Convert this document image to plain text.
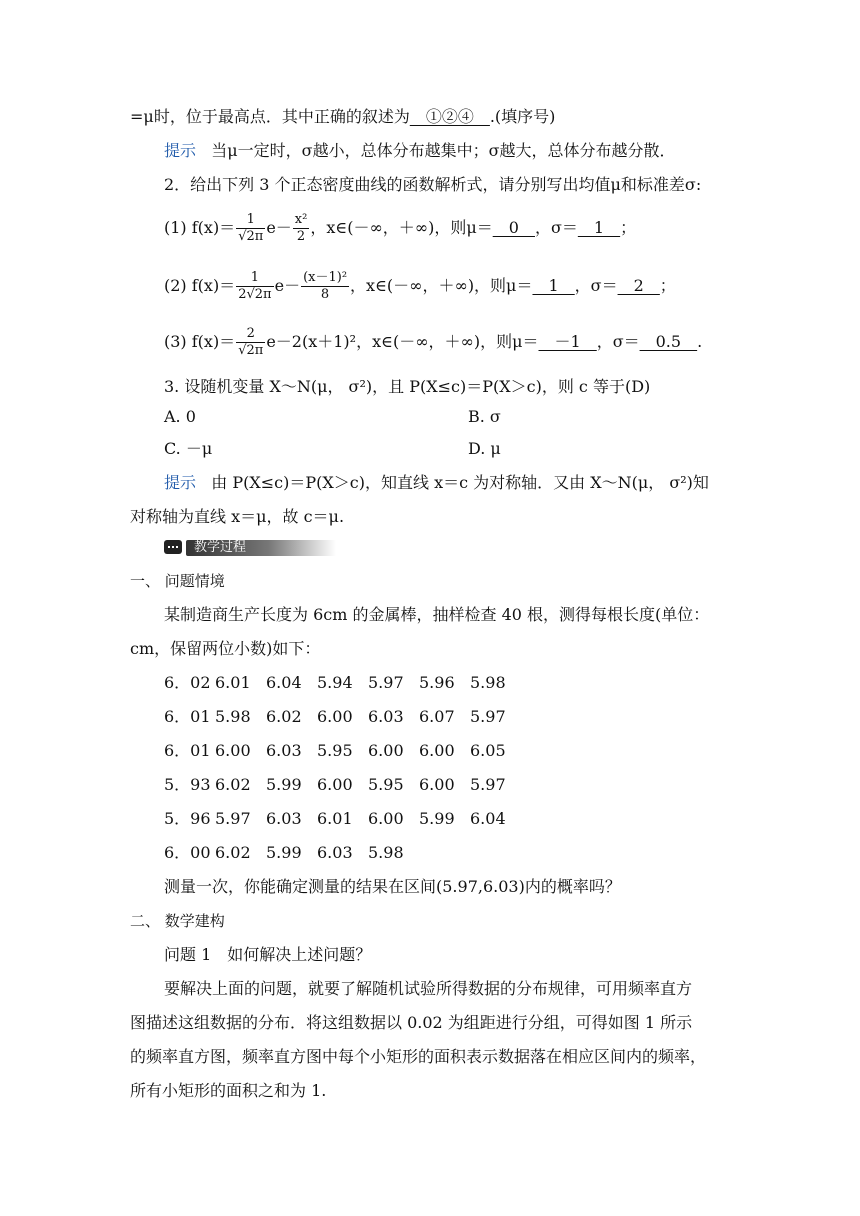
=μ时，位于最高点．其中正确的叙述为__①②④__.(填序号)
提示 当μ一定时，σ越小，总体分布越集中；σ越大，总体分布越分散．
2．给出下列 3 个正态密度曲线的函数解析式，请分别写出均值μ和标准差σ:
(1) $f(x)= \frac{1}{√2\pi} e- \frac{\text{x²}}{2}$ ，x∈(－∞，＋∞)，则μ＝__0__，σ＝__1__；
(2) $f(x)= \frac{1}{2√2\pi} e- \frac{\text{(x－1)²}}{8}$ ，x∈(－∞，＋∞)，则μ＝__1__，σ＝__2__；
(3) $f(x)= \frac{2}{√2\pi} e-2(x+1)^2$，x∈(－∞，＋∞)，则μ＝__－1__，σ＝__0.5__.
3. 设随机变量 X～N(μ， σ²)，且 P(X≤c)＝P(X＞c)，则 c 等于(D)
A. 0	B. σ
C. －μ	D. μ
提示 由 P(X≤c)＝P(X＞c)，知直线 x＝c 为对称轴．又由 X～N(μ， σ²)知
对称轴为直线 x＝μ，故 c＝μ.
教学过程
一、 问题情境
某制造商生产长度为 6cm 的金属棒，抽样检查 40 根，测得每根长度(单位：
cm，保留两位小数)如下：
6．02 6.01 6.04 5.94 5.97 5.96 5.98
6．01 5.98 6.02 6.00 6.03 6.07 5.97
6．01 6.00 6.03 5.95 6.00 6.00 6.05
5．93 6.02 5.99 6.00 5.95 6.00 5.97
5．96 5.97 6.03 6.01 6.00 5.99 6.04
6．00 6.02 5.99 6.03 5.98
测量一次，你能确定测量的结果在区间(5.97,6.03)内的概率吗？
二、 数学建构
问题 1　如何解决上述问题？
要解决上面的问题，就要了解随机试验所得数据的分布规律，可用频率直方
图描述这组数据的分布．将这组数据以 0.02 为组距进行分组，可得如图 1 所示
的频率直方图，频率直方图中每个小矩形的面积表示数据落在相应区间内的频率，
所有小矩形的面积之和为 1.
